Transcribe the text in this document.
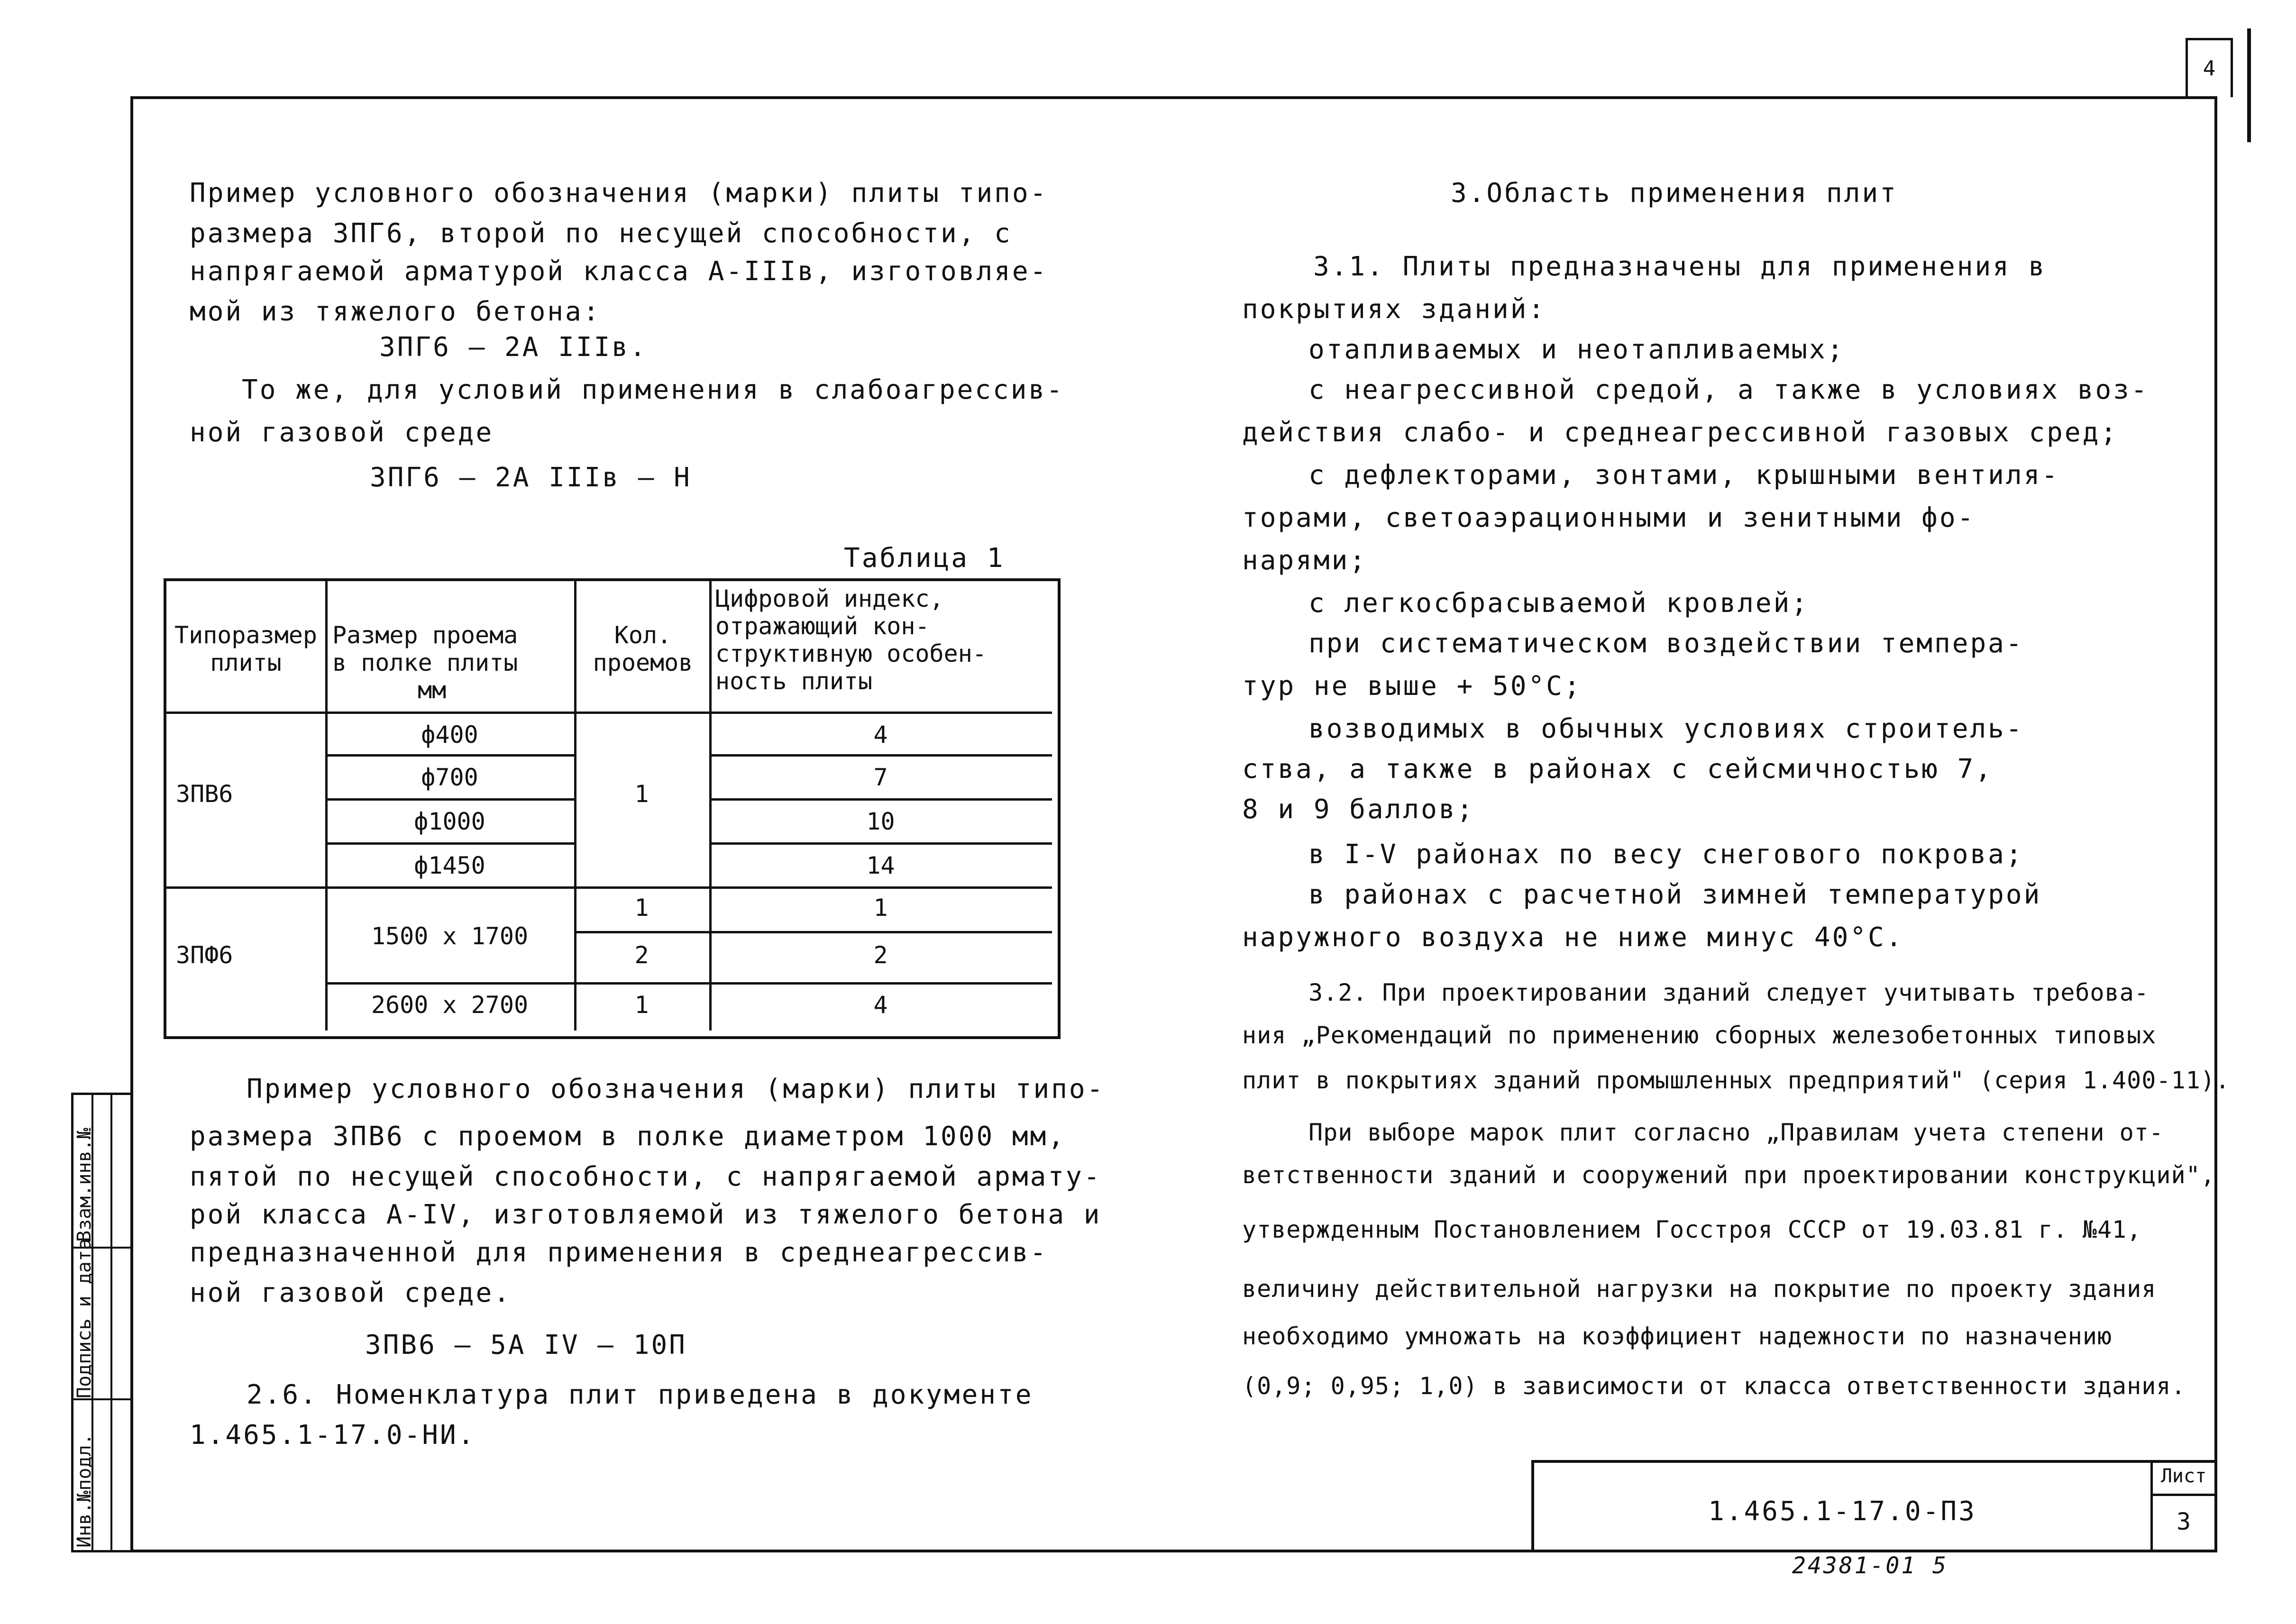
4
Пример условного обозначения (марки) плиты типо-
размера 3ПГ6, второй по несущей способности, с
напрягаемой арматурой класса А-IIIв, изготовляе-
мой из тяжелого бетона:
3ПГ6 – 2А IIIв.
То же, для условий применения в слабоагрессив-
ной газовой среде
3ПГ6 – 2А IIIв – Н
Таблица 1
Типоразмер
плиты
Размер проема
в полке плиты
мм
Кол.
проемов
Цифровой индекс,
отражающий кон-
структивную особен-
ность плиты
3ПВ6	1
ф400
ф700
ф1000
ф1450
4
7
10
14
3ПФ6
1500 х 1700
2600 х 2700
1
2
1
1
2
4
Пример условного обозначения (марки) плиты типо-
размера 3ПВ6 с проемом в полке диаметром 1000 мм,
пятой по несущей способности, с напрягаемой армату-
рой класса А-IV, изготовляемой из тяжелого бетона и
предназначенной для применения в среднеагрессив-
ной газовой среде.
3ПВ6 – 5А IV – 10П
2.6. Номенклатура плит приведена в документе
1.465.1-17.0-НИ.
3.Область применения плит
3.1. Плиты предназначены для применения в
покрытиях зданий:
отапливаемых и неотапливаемых;
с неагрессивной средой, а также в условиях воз-
действия слабо- и среднеагрессивной газовых сред;
с дефлекторами, зонтами, крышными вентиля-
торами, светоаэрационными и зенитными фо-
нарями;
с легкосбрасываемой кровлей;
при систематическом воздействии темпера-
тур не выше + 50°С;
возводимых в обычных условиях строитель-
ства, а также в районах с сейсмичностью 7,
8 и 9 баллов;
в I-V районах по весу снегового покрова;
в районах с расчетной зимней температурой
наружного воздуха не ниже минус 40°С.
3.2. При проектировании зданий следует учитывать требова-
ния „Рекомендаций по применению сборных железобетонных типовых
плит в покрытиях зданий промышленных предприятий" (серия 1.400-11).
При выборе марок плит согласно „Правилам учета степени от-
ветственности зданий и сооружений при проектировании конструкций",
утвержденным Постановлением Госстроя СССР от 19.03.81 г. №41,
величину действительной нагрузки на покрытие по проекту здания
необходимо умножать на коэффициент надежности по назначению
(0,9; 0,95; 1,0) в зависимости от класса ответственности здания.
Инв.№подл.
Подпись и дата
Взам.инв.№
1.465.1-17.0-ПЗ
Лист
3
24381-01 5
